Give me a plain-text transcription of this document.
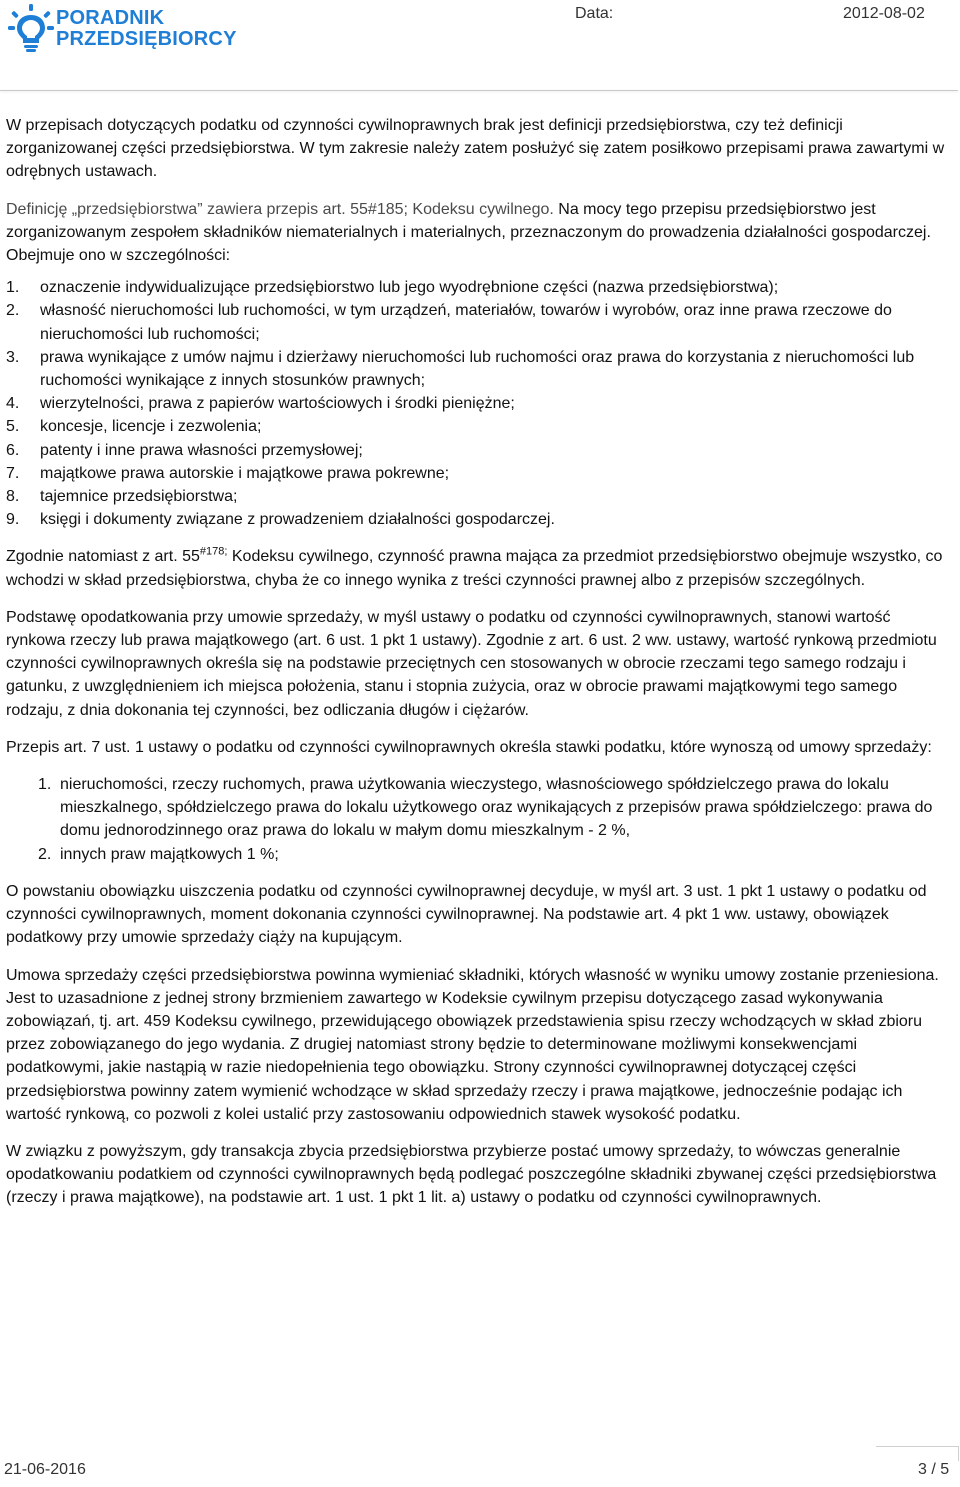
PORADNIK
PRZEDSIĘBIORCY
Data:	2012-08-02

W przepisach dotyczących podatku od czynności cywilnoprawnych brak jest definicji przedsiębiorstwa, czy też definicji zorganizowanej części przedsiębiorstwa. W tym zakresie należy zatem posłużyć się zatem posiłkowo przepisami prawa zawartymi w odrębnych ustawach.

Definicję „przedsiębiorstwa” zawiera przepis art. 55#185; Kodeksu cywilnego. Na mocy tego przepisu przedsiębiorstwo jest zorganizowanym zespołem składników niematerialnych i materialnych, przeznaczonym do prowadzenia działalności gospodarczej. Obejmuje ono w szczególności:

1. oznaczenie indywidualizujące przedsiębiorstwo lub jego wyodrębnione części (nazwa przedsiębiorstwa);
2. własność nieruchomości lub ruchomości, w tym urządzeń, materiałów, towarów i wyrobów, oraz inne prawa rzeczowe do nieruchomości lub ruchomości;
3. prawa wynikające z umów najmu i dzierżawy nieruchomości lub ruchomości oraz prawa do korzystania z nieruchomości lub ruchomości wynikające z innych stosunków prawnych;
4. wierzytelności, prawa z papierów wartościowych i środki pieniężne;
5. koncesje, licencje i zezwolenia;
6. patenty i inne prawa własności przemysłowej;
7. majątkowe prawa autorskie i majątkowe prawa pokrewne;
8. tajemnice przedsiębiorstwa;
9. księgi i dokumenty związane z prowadzeniem działalności gospodarczej.

Zgodnie natomiast z art. $55^{\#178;}$ Kodeksu cywilnego, czynność prawna mająca za przedmiot przedsiębiorstwo obejmuje wszystko, co wchodzi w skład przedsiębiorstwa, chyba że co innego wynika z treści czynności prawnej albo z przepisów szczególnych.

Podstawę opodatkowania przy umowie sprzedaży, w myśl ustawy o podatku od czynności cywilnoprawnych, stanowi wartość rynkowa rzeczy lub prawa majątkowego (art. 6 ust. 1 pkt 1 ustawy). Zgodnie z art. 6 ust. 2 ww. ustawy, wartość rynkową przedmiotu czynności cywilnoprawnych określa się na podstawie przeciętnych cen stosowanych w obrocie rzeczami tego samego rodzaju i gatunku, z uwzględnieniem ich miejsca położenia, stanu i stopnia zużycia, oraz w obrocie prawami majątkowymi tego samego rodzaju, z dnia dokonania tej czynności, bez odliczania długów i ciężarów.

Przepis art. 7 ust. 1 ustawy o podatku od czynności cywilnoprawnych określa stawki podatku, które wynoszą od umowy sprzedaży:

1. nieruchomości, rzeczy ruchomych, prawa użytkowania wieczystego, własnościowego spółdzielczego prawa do lokalu mieszkalnego, spółdzielczego prawa do lokalu użytkowego oraz wynikających z przepisów prawa spółdzielczego: prawa do domu jednorodzinnego oraz prawa do lokalu w małym domu mieszkalnym - 2 %,
2. innych praw majątkowych 1 %;

O powstaniu obowiązku uiszczenia podatku od czynności cywilnoprawnej decyduje, w myśl art. 3 ust. 1 pkt 1 ustawy o podatku od czynności cywilnoprawnych, moment dokonania czynności cywilnoprawnej. Na podstawie art. 4 pkt 1 ww. ustawy, obowiązek podatkowy przy umowie sprzedaży ciąży na kupującym.

Umowa sprzedaży części przedsiębiorstwa powinna wymieniać składniki, których własność w wyniku umowy zostanie przeniesiona. Jest to uzasadnione z jednej strony brzmieniem zawartego w Kodeksie cywilnym przepisu dotyczącego zasad wykonywania zobowiązań, tj. art. 459 Kodeksu cywilnego, przewidującego obowiązek przedstawienia spisu rzeczy wchodzących w skład zbioru przez zobowiązanego do jego wydania. Z drugiej natomiast strony będzie to determinowane możliwymi konsekwencjami podatkowymi, jakie nastąpią w razie niedopełnienia tego obowiązku. Strony czynności cywilnoprawnej dotyczącej części przedsiębiorstwa powinny zatem wymienić wchodzące w skład sprzedaży rzeczy i prawa majątkowe, jednocześnie podając ich wartość rynkową, co pozwoli z kolei ustalić przy zastosowaniu odpowiednich stawek wysokość podatku.

W związku z powyższym, gdy transakcja zbycia przedsiębiorstwa przybierze postać umowy sprzedaży, to wówczas generalnie opodatkowaniu podatkiem od czynności cywilnoprawnych będą podlegać poszczególne składniki zbywanej części przedsiębiorstwa (rzeczy i prawa majątkowe), na podstawie art. 1 ust. 1 pkt 1 lit. a) ustawy o podatku od czynności cywilnoprawnych.

21-06-2016	3 / 5
